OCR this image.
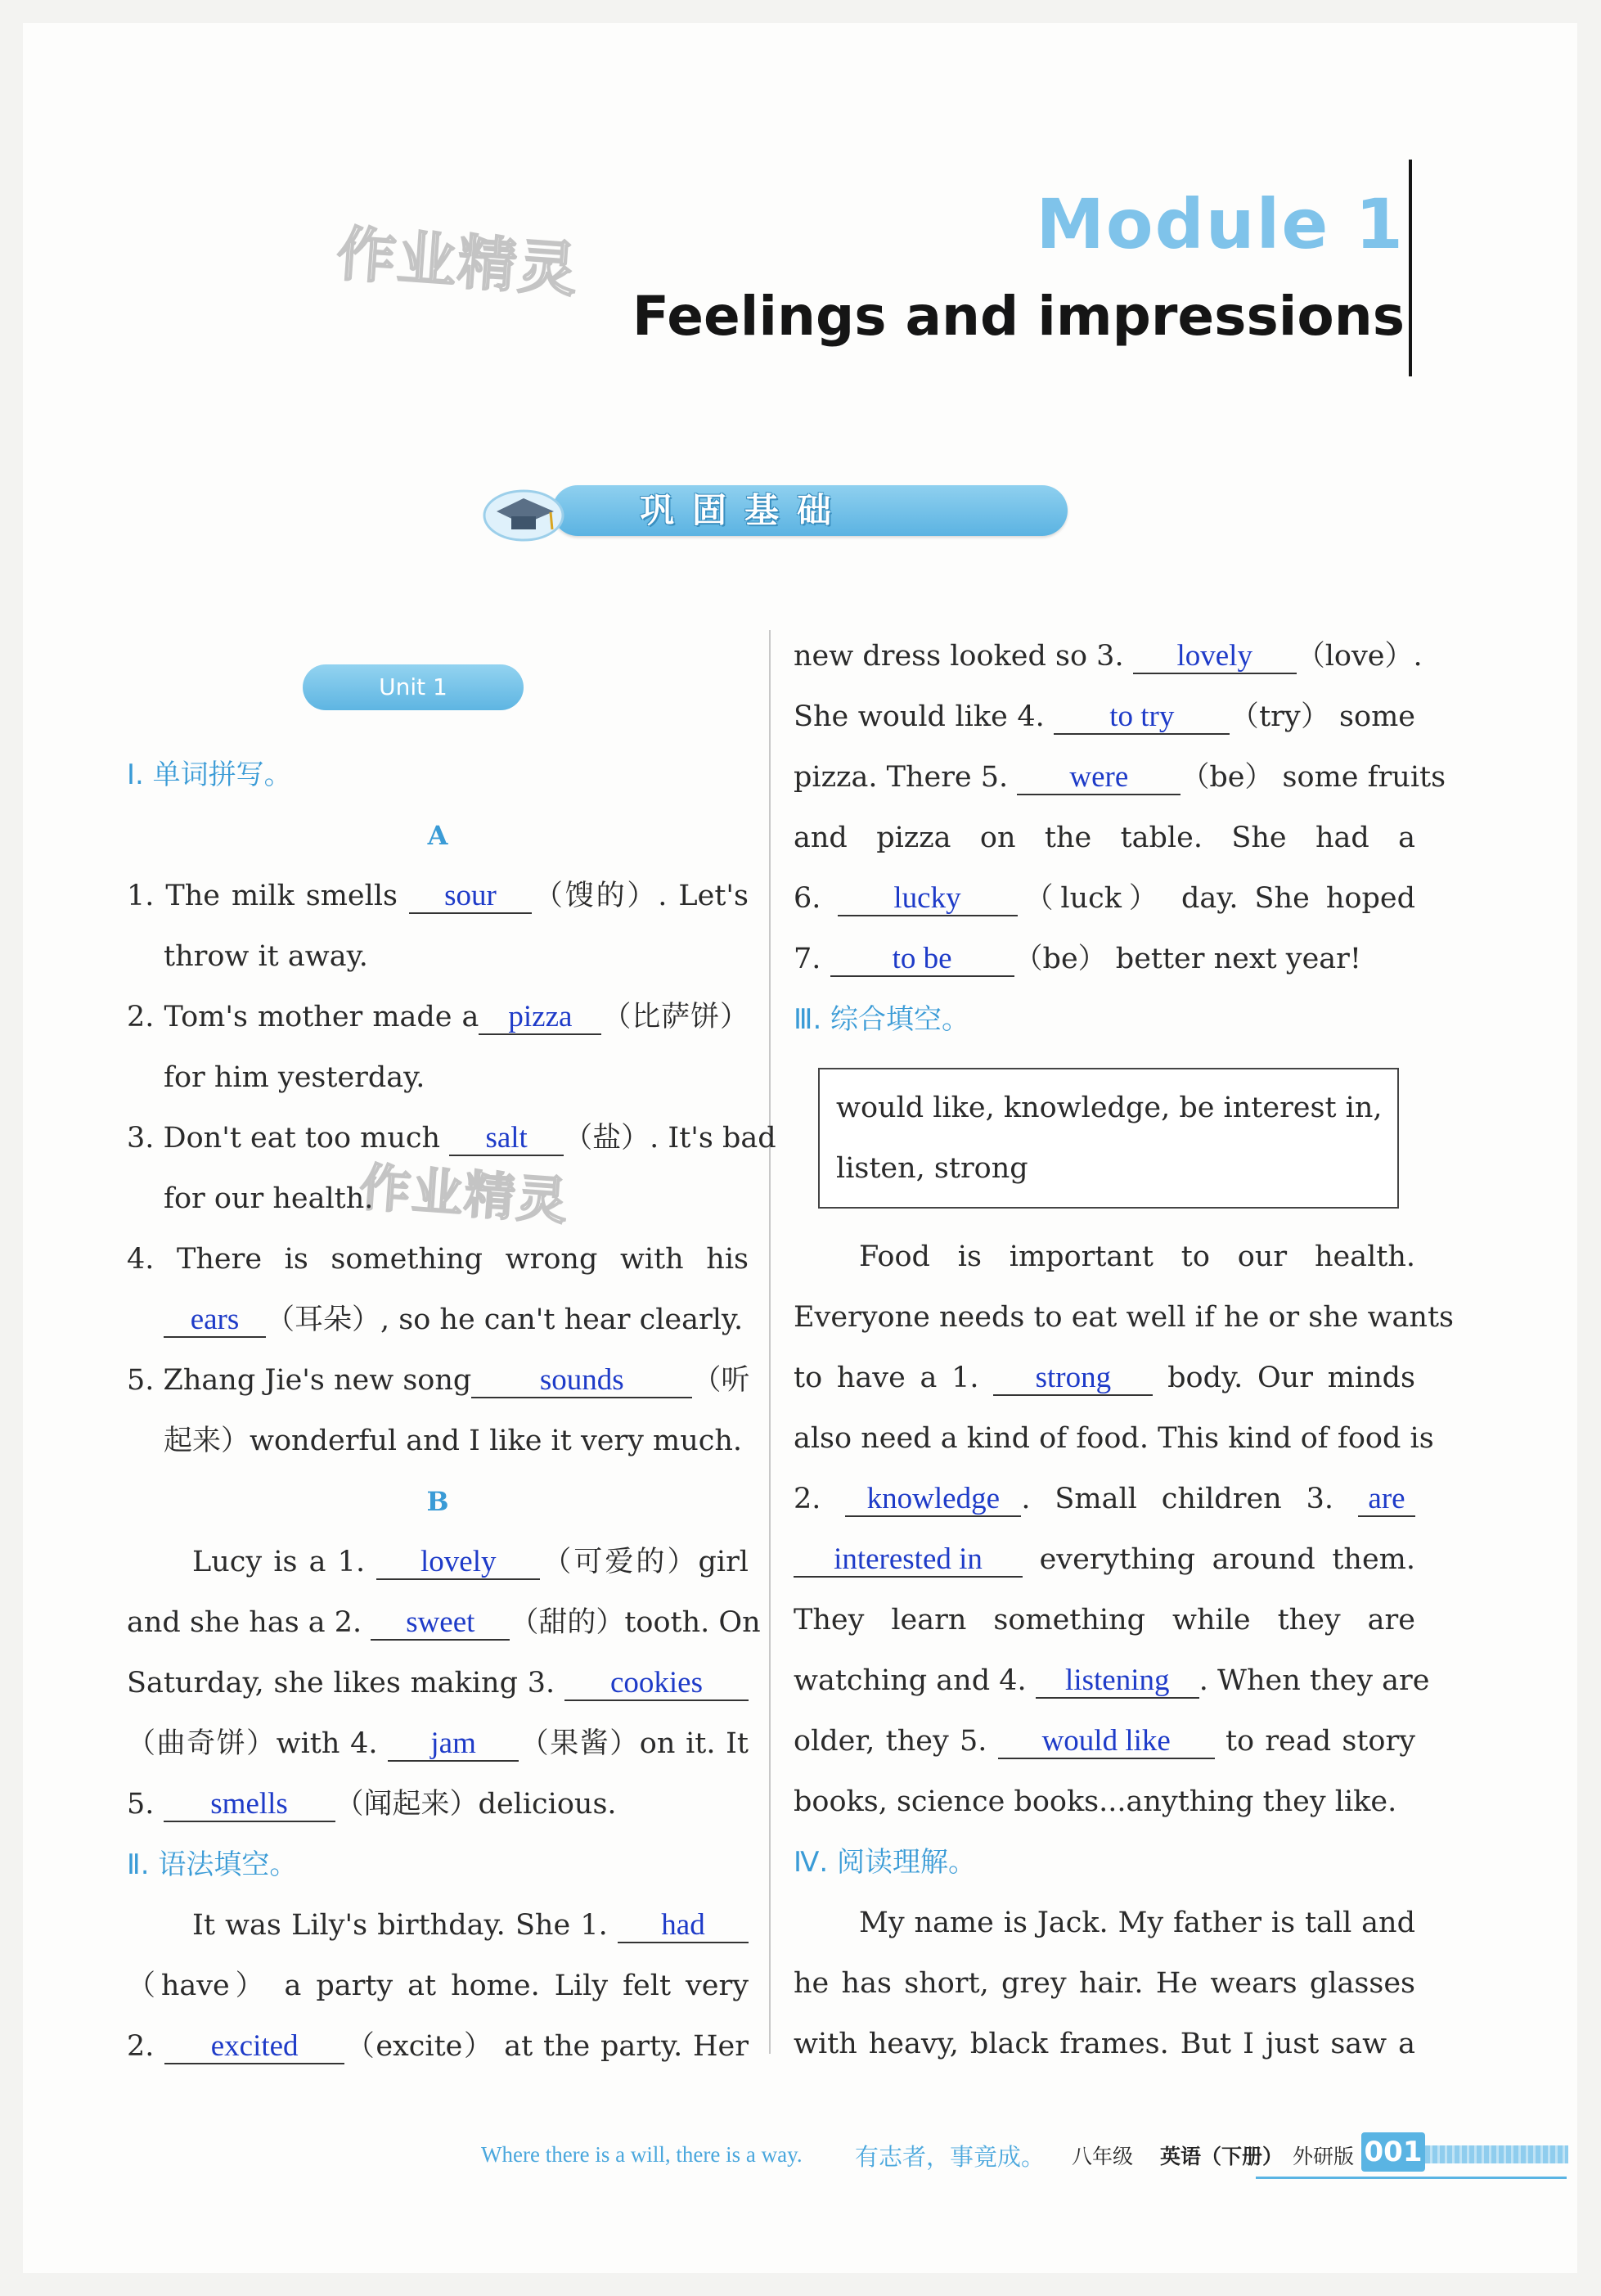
作业精灵
作业精灵
Module 1
Feelings and impressions
巩固基础
Unit 1

Ⅰ. 单词拼写。

A

1. The milk smells sour （馊的）. Let's
throw it away.
2. Tom's mother made a pizza （比萨饼）
for him yesterday.
3. Don't eat too much salt （盐）. It's bad
for our health.
4. There is something wrong with his
ears （耳朵）, so he can't hear clearly.
5. Zhang Jie's new song sounds （听
起来）wonderful and I like it very much.

B

Lucy is a 1. lovely （可爱的）girl
and she has a 2. sweet （甜的）tooth. On
Saturday, she likes making 3. cookies
（曲奇饼）with 4. jam （果酱）on it. It
5. smells （闻起来）delicious.

Ⅱ. 语法填空。

It was Lily's birthday. She 1. had
（have） a party at home. Lily felt very
2. excited （excite） at the party. Her
new dress looked so 3. lovely （love）.
She would like 4. to try （try） some
pizza. There 5. were （be） some fruits
and pizza on the table. She had a
6. lucky （luck） day. She hoped
7. to be （be） better next year!

Ⅲ. 综合填空。

would like, knowledge, be interest in,
listen, strong
Food is important to our health.
Everyone needs to eat well if he or she wants
to have a 1. strong body. Our minds
also need a kind of food. This kind of food is
2. knowledge . Small children 3. are
interested in everything around them.
They learn something while they are
watching and 4. listening . When they are
older, they 5. would like to read story
books, science books...anything they like.

Ⅳ. 阅读理解。

My name is Jack. My father is tall and
he has short, grey hair. He wears glasses
with heavy, black frames. But I just saw a
Where there is a will, there is a way. 有志者，事竟成。 八年级 英语（下册） 外研版 001
